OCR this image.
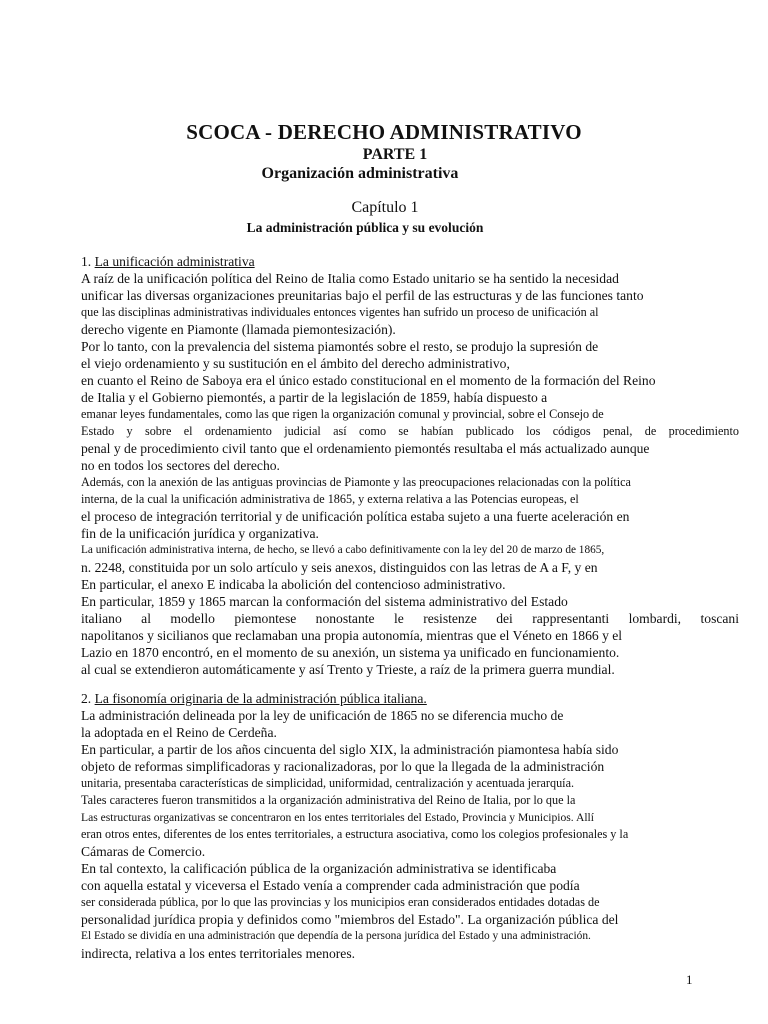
SCOCA - DERECHO ADMINISTRATIVO
PARTE 1
Organización administrativa
Capítulo 1
La administración pública y su evolución
1. La unificación administrativa
A raíz de la unificación política del Reino de Italia como Estado unitario se ha sentido la necesidad
unificar las diversas organizaciones preunitarias bajo el perfil de las estructuras y de las funciones tanto
que las disciplinas administrativas individuales entonces vigentes han sufrido un proceso de unificación al
derecho vigente en Piamonte (llamada piemontesización).
Por lo tanto, con la prevalencia del sistema piamontés sobre el resto, se produjo la supresión de
el viejo ordenamiento y su sustitución en el ámbito del derecho administrativo,
en cuanto el Reino de Saboya era el único estado constitucional en el momento de la formación del Reino
de Italia y el Gobierno piemontés, a partir de la legislación de 1859, había dispuesto a
emanar leyes fundamentales, como las que rigen la organización comunal y provincial, sobre el Consejo de
Estado y sobre el ordenamiento judicial así como se habían publicado los códigos penal, de procedimiento
penal y de procedimiento civil tanto que el ordenamiento piemontés resultaba el más actualizado aunque
no en todos los sectores del derecho.
Además, con la anexión de las antiguas provincias de Piamonte y las preocupaciones relacionadas con la política
interna, de la cual la unificación administrativa de 1865, y externa relativa a las Potencias europeas, el
el proceso de integración territorial y de unificación política estaba sujeto a una fuerte aceleración en
fin de la unificación jurídica y organizativa.
La unificación administrativa interna, de hecho, se llevó a cabo definitivamente con la ley del 20 de marzo de 1865,
n. 2248, constituida por un solo artículo y seis anexos, distinguidos con las letras de A a F, y en
En particular, el anexo E indicaba la abolición del contencioso administrativo.
En particular, 1859 y 1865 marcan la conformación del sistema administrativo del Estado
italiano al modello piemontese nonostante le resistenze dei rappresentanti lombardi, toscani
napolitanos y sicilianos que reclamaban una propia autonomía, mientras que el Véneto en 1866 y el
Lazio en 1870 encontró, en el momento de su anexión, un sistema ya unificado en funcionamiento.
al cual se extendieron automáticamente y así Trento y Trieste, a raíz de la primera guerra mundial.
2. La fisonomía originaria de la administración pública italiana.
La administración delineada por la ley de unificación de 1865 no se diferencia mucho de
la adoptada en el Reino de Cerdeña.
En particular, a partir de los años cincuenta del siglo XIX, la administración piamontesa había sido
objeto de reformas simplificadoras y racionalizadoras, por lo que la llegada de la administración
unitaria, presentaba características de simplicidad, uniformidad, centralización y acentuada jerarquía.
Tales caracteres fueron transmitidos a la organización administrativa del Reino de Italia, por lo que la
Las estructuras organizativas se concentraron en los entes territoriales del Estado, Provincia y Municipios. Allí
eran otros entes, diferentes de los entes territoriales, a estructura asociativa, como los colegios profesionales y la
Cámaras de Comercio.
En tal contexto, la calificación pública de la organización administrativa se identificaba
con aquella estatal y viceversa el Estado venía a comprender cada administración que podía
ser considerada pública, por lo que las provincias y los municipios eran considerados entidades dotadas de
personalidad jurídica propia y definidos como "miembros del Estado". La organización pública del
El Estado se dividía en una administración que dependía de la persona jurídica del Estado y una administración.
indirecta, relativa a los entes territoriales menores.
1
